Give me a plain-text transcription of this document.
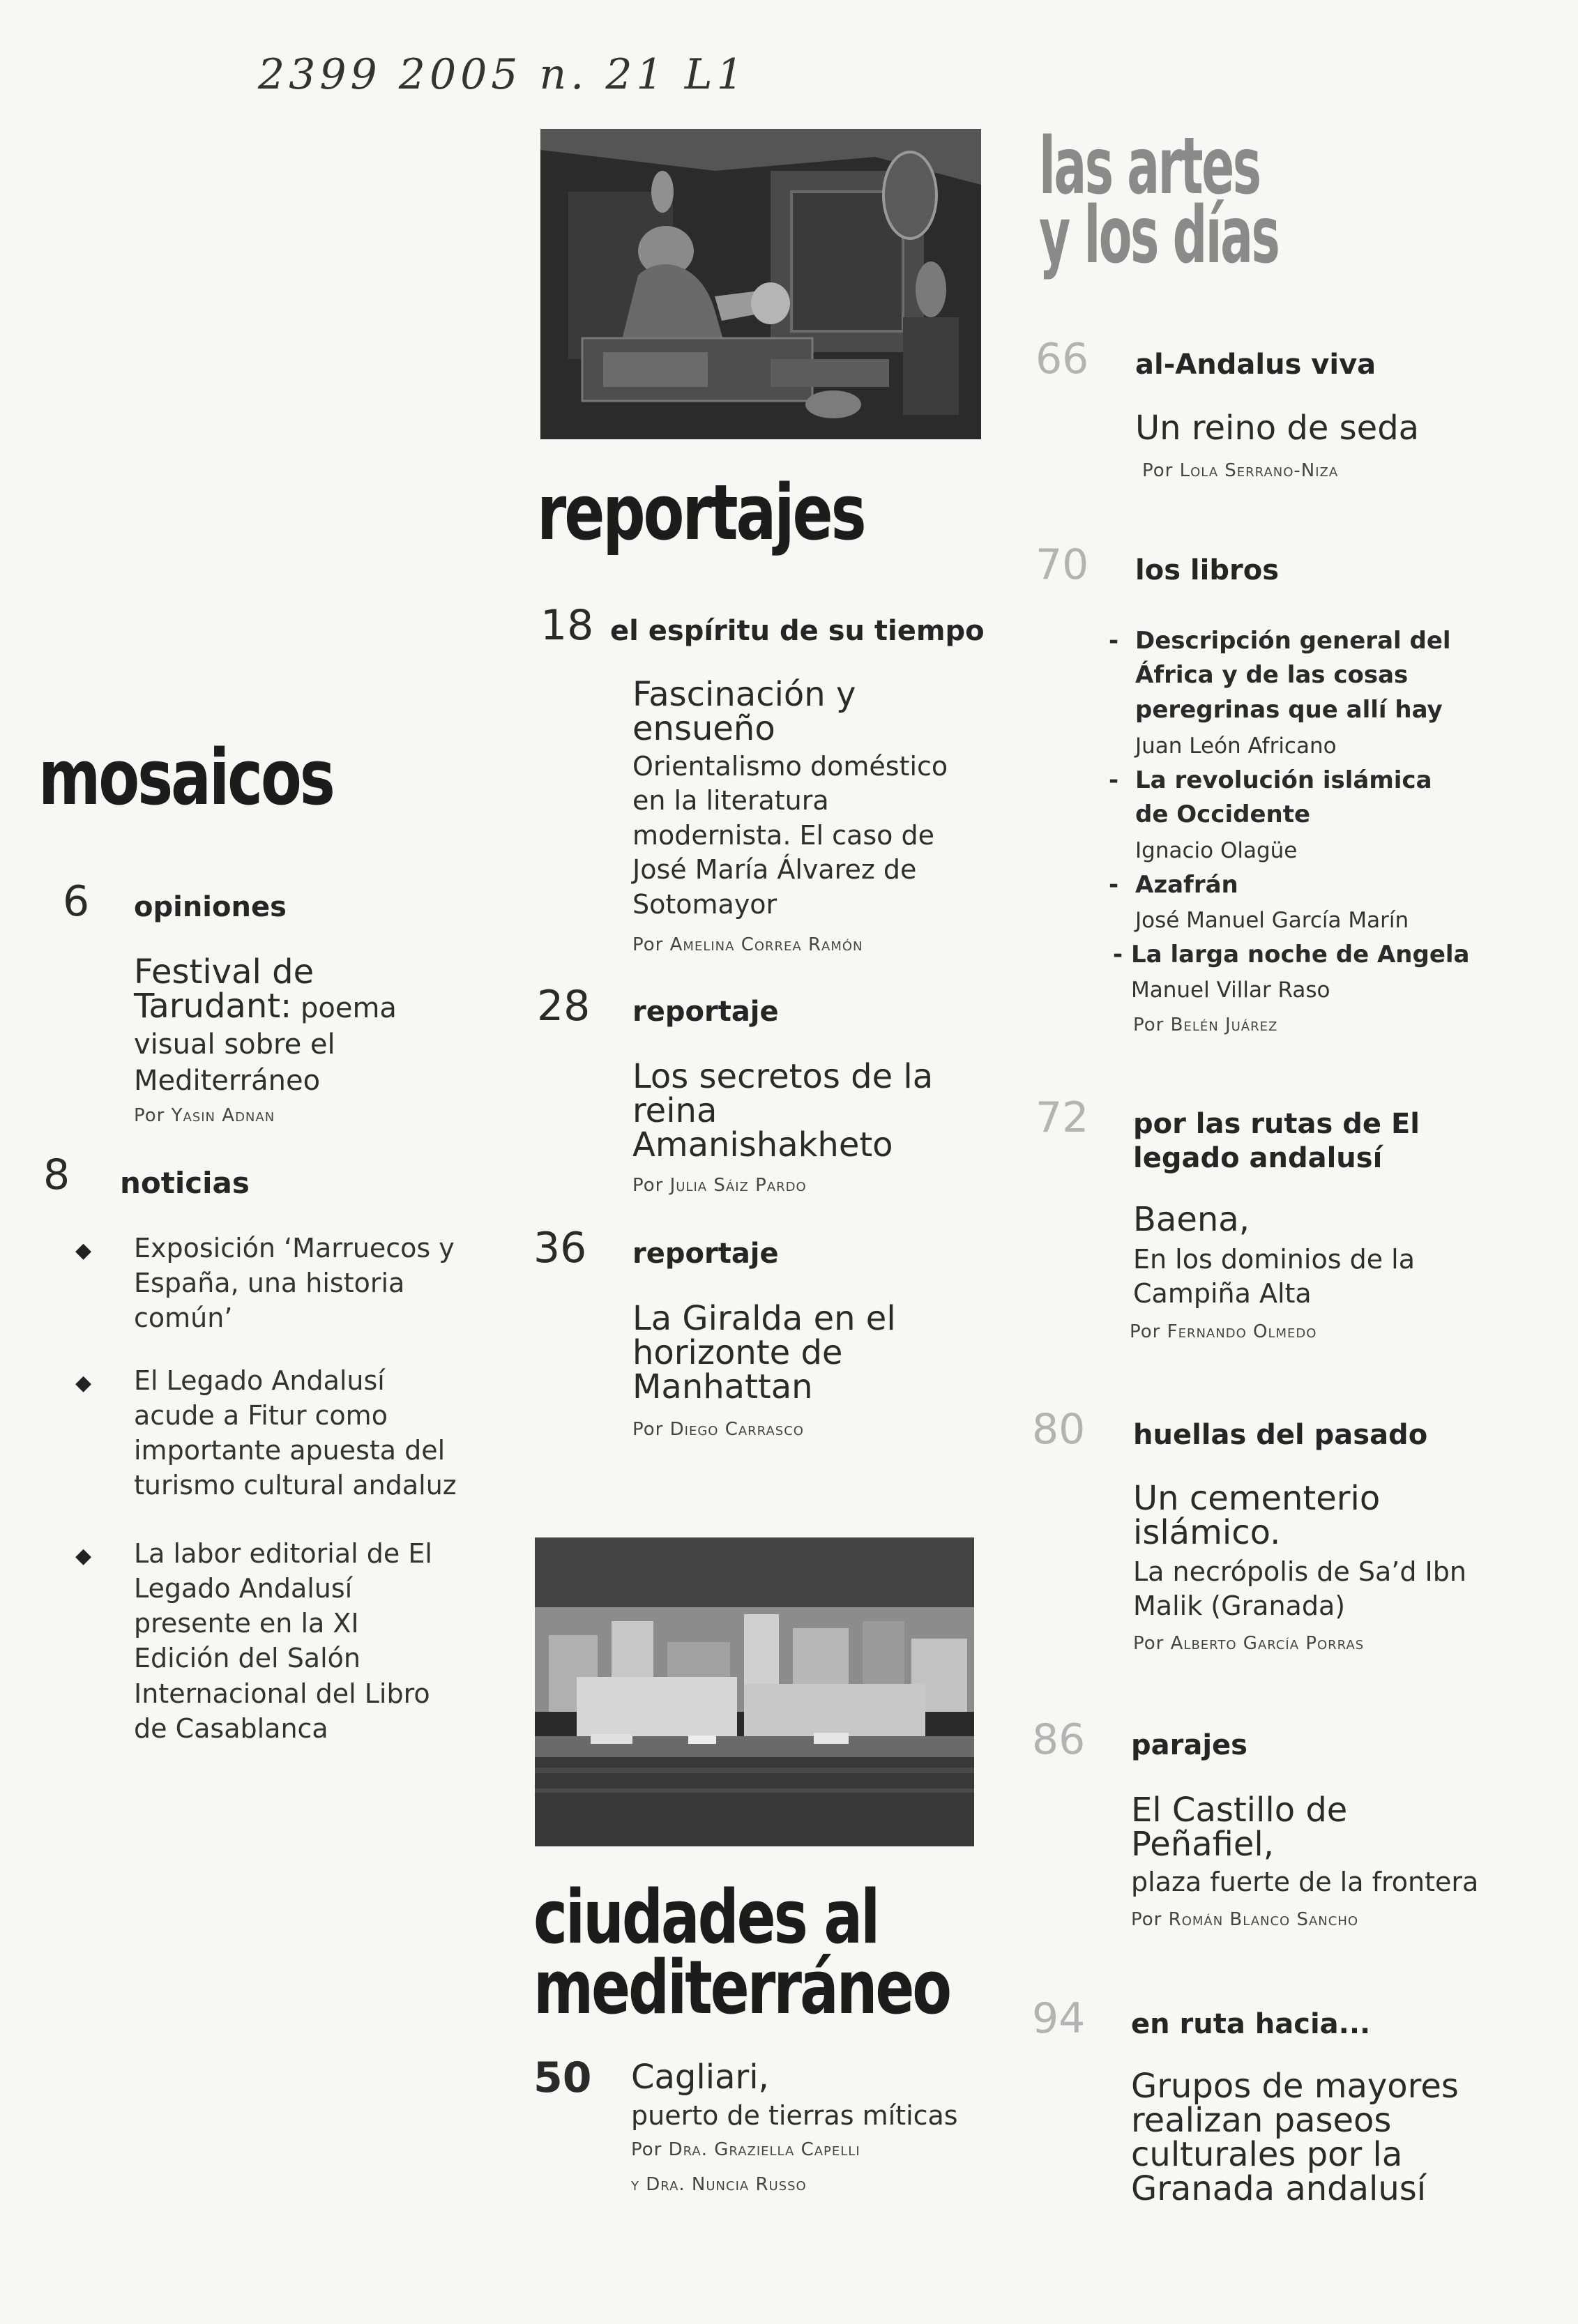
2399 2005 n. 21 L1
reportajes
18 el espíritu de su tiempo
Fascinación y ensueño
Orientalismo doméstico en la literatura modernista. El caso de José María Álvarez de Sotomayor
Por Amelina Correa Ramón
28 reportaje
Los secretos de la reina Amanishakheto
Por Julia Sáiz Pardo
36 reportaje
La Giralda en el horizonte de Manhattan
Por Diego Carrasco
ciudades al
mediterráneo
50 Cagliari,
puerto de tierras míticas
Por Dra. Graziella Capelli
y Dra. Nuncia Russo
mosaicos
6 opiniones
Festival de Tarudant: poema visual sobre el Mediterráneo
Por Yasin Adnan
8 noticias
◆ Exposición ‘Marruecos y España, una historia común’
◆ El Legado Andalusí acude a Fitur como importante apuesta del turismo cultural andaluz
◆ La labor editorial de El Legado Andalusí presente en la XI Edición del Salón Internacional del Libro de Casablanca
las artes
y los días
66 al-Andalus viva
Un reino de seda
Por Lola Serrano-Niza
70 los libros
- Descripción general del África y de las cosas peregrinas que allí hay
Juan León Africano
- La revolución islámica de Occidente
Ignacio Olagüe
- Azafrán
José Manuel García Marín
- La larga noche de Angela
Manuel Villar Raso
Por Belén Juárez
72 por las rutas de El legado andalusí
Baena,
En los dominios de la Campiña Alta
Por Fernando Olmedo
80 huellas del pasado
Un cementerio islámico.
La necrópolis de Sa’d Ibn Malik (Granada)
Por Alberto García Porras
86 parajes
El Castillo de Peñafiel,
plaza fuerte de la frontera
Por Román Blanco Sancho
94 en ruta hacia...
Grupos de mayores realizan paseos culturales por la Granada andalusí
